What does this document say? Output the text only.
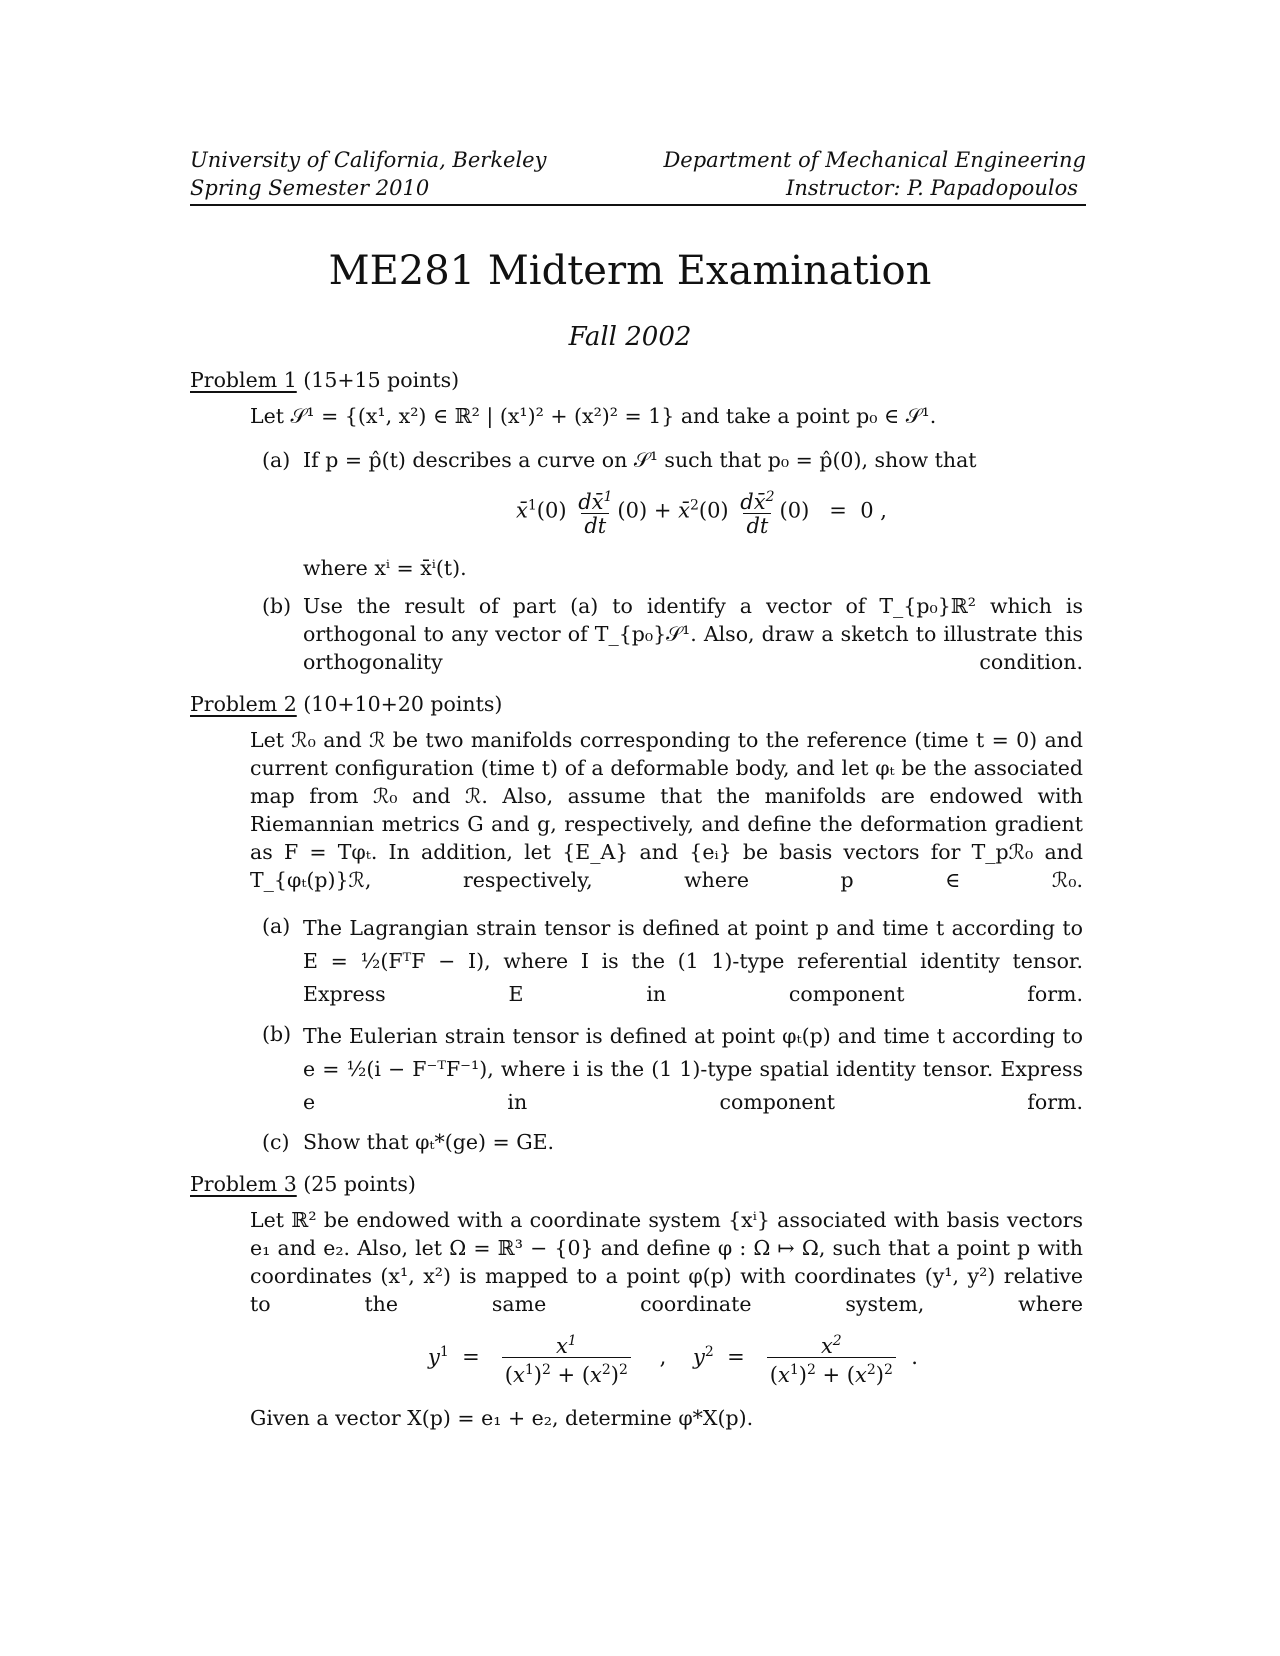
University of California, Berkeley
Spring Semester 2010
Department of Mechanical Engineering
Instructor: P. Papadopoulos
ME281 Midterm Examination
Fall 2002
Problem 1 (15+15 points)
Let 𝒮¹ = {(x¹, x²) ∈ ℝ² | (x¹)² + (x²)² = 1} and take a point p₀ ∈ 𝒮¹.
(a) If p = p̂(t) describes a curve on 𝒮¹ such that p₀ = p̂(0), show that
x̄$^1$(0) $\frac{dx̄^1}{dt} (0)$ + x̄$^2$(0) $\frac{dx̄^2}{dt} (0) = 0$ ,
where xⁱ = x̄ⁱ(t).
(b) Use the result of part (a) to identify a vector of T_{p₀}ℝ² which is orthogonal to any vector of T_{p₀}𝒮¹. Also, draw a sketch to illustrate this orthogonality condition.
Problem 2 (10+10+20 points)
Let ℛ₀ and ℛ be two manifolds corresponding to the reference (time t = 0) and current configuration (time t) of a deformable body, and let φₜ be the associated map from ℛ₀ and ℛ. Also, assume that the manifolds are endowed with Riemannian metrics G and g, respectively, and define the deformation gradient as F = Tφₜ. In addition, let {E_A} and {eᵢ} be basis vectors for T_pℛ₀ and T_{φₜ(p)}ℛ, respectively, where p ∈ ℛ₀.
(a) The Lagrangian strain tensor is defined at point p and time t according to E = ½(FᵀF − I), where I is the (1 1)-type referential identity tensor. Express E in component form.
(b) The Eulerian strain tensor is defined at point φₜ(p) and time t according to e = ½(i − F⁻ᵀF⁻¹), where i is the (1 1)-type spatial identity tensor. Express e in component form.
(c) Show that φₜ*(ge) = GE.
Problem 3 (25 points)
Let ℝ² be endowed with a coordinate system {xⁱ} associated with basis vectors e₁ and e₂. Also, let Ω = ℝ³ − {0} and define φ : Ω ↦ Ω, such that a point p with coordinates (x¹, x²) is mapped to a point φ(p) with coordinates (y¹, y²) relative to the same coordinate system, where
$y^1 = \frac{x^1}{(x^1)^2 + (x^2)^2}$ ,    $y^2 = \frac{x^2}{(x^1)^2 + (x^2)^2}$ .
Given a vector X(p) = e₁ + e₂, determine φ*X(p).
